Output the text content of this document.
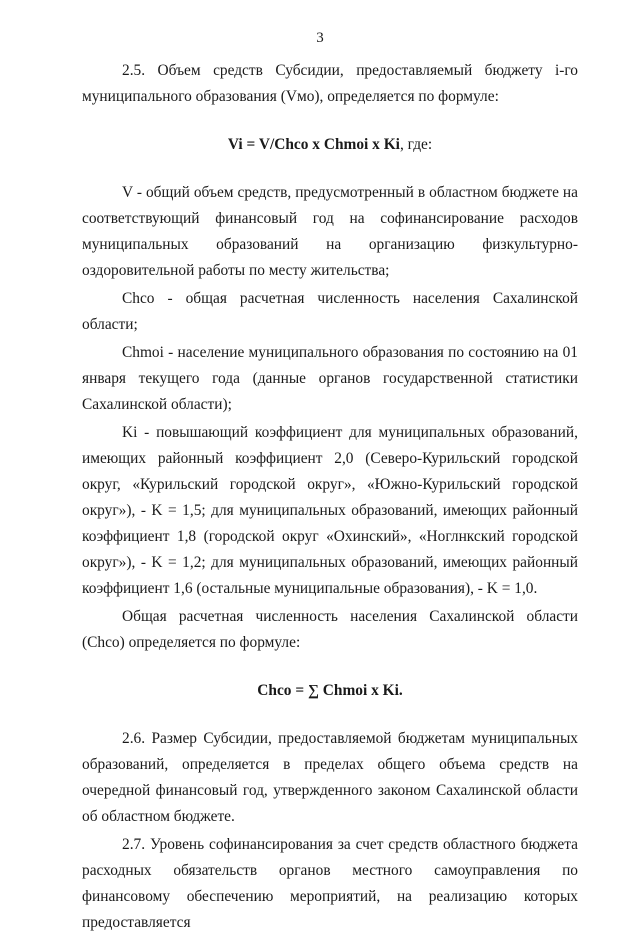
3

2.5. Объем средств Субсидии, предоставляемый бюджету i-го муниципального образования (Vмо), определяется по формуле:

Vi = V/Chco x Chmoi x Ki, где:

V - общий объем средств, предусмотренный в областном бюджете на соответствующий финансовый год на софинансирование расходов муниципальных образований на организацию физкультурно-оздоровительной работы по месту жительства;

Chco - общая расчетная численность населения Сахалинской области;

Chmoi - население муниципального образования по состоянию на 01 января текущего года (данные органов государственной статистики Сахалинской области);

Ki - повышающий коэффициент для муниципальных образований, имеющих районный коэффициент 2,0 (Северо-Курильский городской округ, «Курильский городской округ», «Южно-Курильский городской округ»), - K = 1,5; для муниципальных образований, имеющих районный коэффициент 1,8 (городской округ «Охинский», «Ноглнкский городской округ»), - K = 1,2; для муниципальных образований, имеющих районный коэффициент 1,6 (остальные муниципальные образования), - K = 1,0.

Общая расчетная численность населения Сахалинской области (Chco) определяется по формуле:

Chco = ∑ Chmoi x Ki.

2.6. Размер Субсидии, предоставляемой бюджетам муниципальных образований, определяется в пределах общего объема средств на очередной финансовый год, утвержденного законом Сахалинской области об областном бюджете.

2.7. Уровень софинансирования за счет средств областного бюджета расходных обязательств органов местного самоуправления по финансовому обеспечению мероприятий, на реализацию которых предоставляется
